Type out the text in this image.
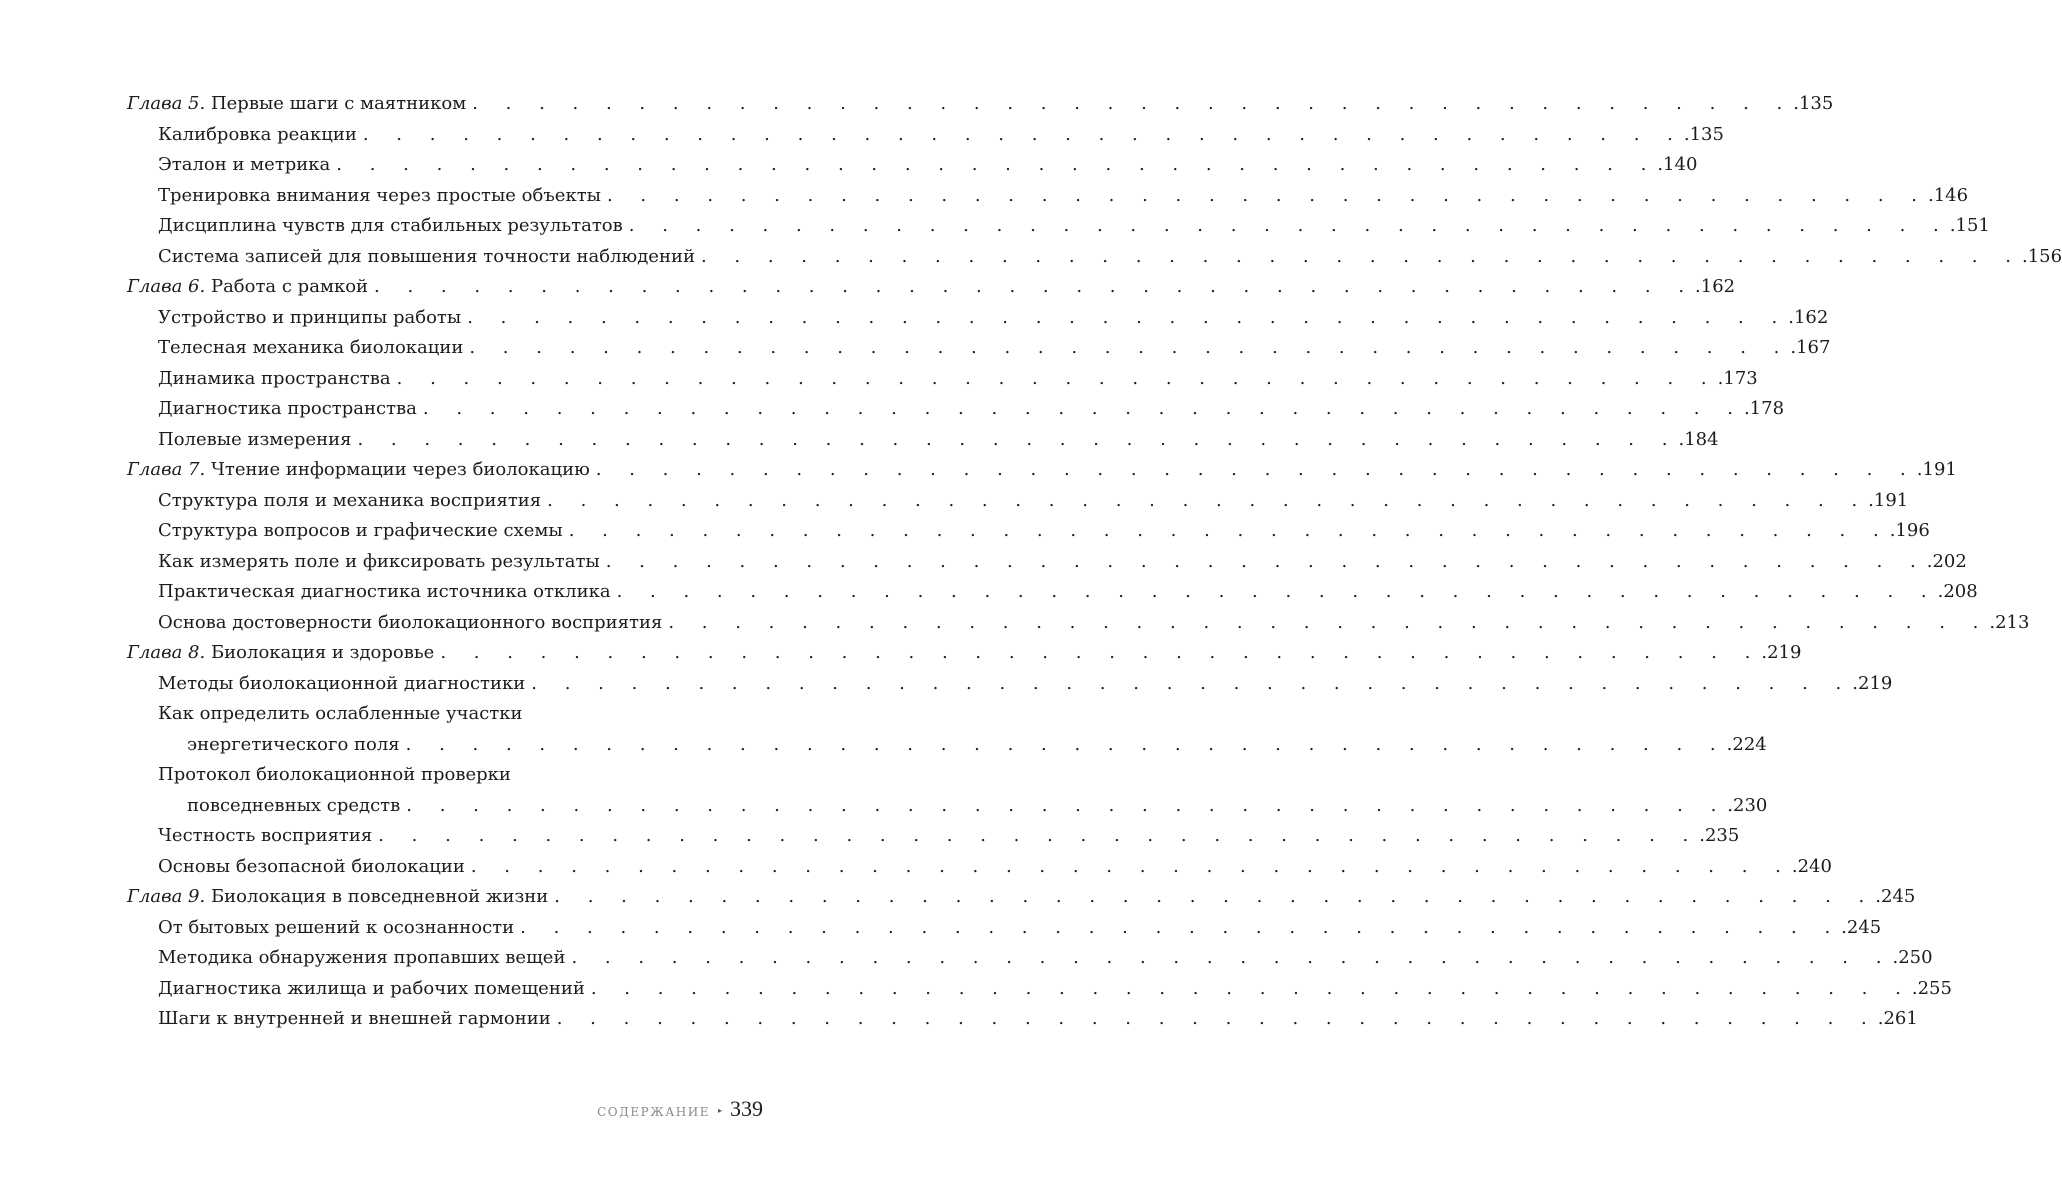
Глава 5. Первые шаги с маятником . . . . . . . . . . . . . . . . . . . . . . . . . . . . . . . . . . . . . . . . .135
Калибровка реакции . . . . . . . . . . . . . . . . . . . . . . . . . . . . . . . . . . . . . . . . .135
Эталон и метрика . . . . . . . . . . . . . . . . . . . . . . . . . . . . . . . . . . . . . . . . .140
Тренировка внимания через простые объекты . . . . . . . . . . . . . . . . . . . . . . . . . . . . . . . . . . . . . . . . .146
Дисциплина чувств для стабильных результатов . . . . . . . . . . . . . . . . . . . . . . . . . . . . . . . . . . . . . . . . .151
Система записей для повышения точности наблюдений . . . . . . . . . . . . . . . . . . . . . . . . . . . . . . . . . . . . . . . . .156
Глава 6. Работа с рамкой . . . . . . . . . . . . . . . . . . . . . . . . . . . . . . . . . . . . . . . . .162
Устройство и принципы работы . . . . . . . . . . . . . . . . . . . . . . . . . . . . . . . . . . . . . . . . .162
Телесная механика биолокации . . . . . . . . . . . . . . . . . . . . . . . . . . . . . . . . . . . . . . . . .167
Динамика пространства . . . . . . . . . . . . . . . . . . . . . . . . . . . . . . . . . . . . . . . . .173
Диагностика пространства . . . . . . . . . . . . . . . . . . . . . . . . . . . . . . . . . . . . . . . . .178
Полевые измерения . . . . . . . . . . . . . . . . . . . . . . . . . . . . . . . . . . . . . . . . .184
Глава 7. Чтение информации через биолокацию . . . . . . . . . . . . . . . . . . . . . . . . . . . . . . . . . . . . . . . . .191
Структура поля и механика восприятия . . . . . . . . . . . . . . . . . . . . . . . . . . . . . . . . . . . . . . . . .191
Структура вопросов и графические схемы . . . . . . . . . . . . . . . . . . . . . . . . . . . . . . . . . . . . . . . . .196
Как измерять поле и фиксировать результаты . . . . . . . . . . . . . . . . . . . . . . . . . . . . . . . . . . . . . . . . .202
Практическая диагностика источника отклика . . . . . . . . . . . . . . . . . . . . . . . . . . . . . . . . . . . . . . . . .208
Основа достоверности биолокационного восприятия . . . . . . . . . . . . . . . . . . . . . . . . . . . . . . . . . . . . . . . . .213
Глава 8. Биолокация и здоровье . . . . . . . . . . . . . . . . . . . . . . . . . . . . . . . . . . . . . . . . .219
Методы биолокационной диагностики . . . . . . . . . . . . . . . . . . . . . . . . . . . . . . . . . . . . . . . . .219
Как определить ослабленные участки
энергетического поля . . . . . . . . . . . . . . . . . . . . . . . . . . . . . . . . . . . . . . . . .224
Протокол биолокационной проверки
повседневных средств . . . . . . . . . . . . . . . . . . . . . . . . . . . . . . . . . . . . . . . . .230
Честность восприятия . . . . . . . . . . . . . . . . . . . . . . . . . . . . . . . . . . . . . . . . .235
Основы безопасной биолокации . . . . . . . . . . . . . . . . . . . . . . . . . . . . . . . . . . . . . . . . .240
Глава 9. Биолокация в повседневной жизни . . . . . . . . . . . . . . . . . . . . . . . . . . . . . . . . . . . . . . . . .245
От бытовых решений к осознанности . . . . . . . . . . . . . . . . . . . . . . . . . . . . . . . . . . . . . . . . .245
Методика обнаружения пропавших вещей . . . . . . . . . . . . . . . . . . . . . . . . . . . . . . . . . . . . . . . . .250
Диагностика жилища и рабочих помещений . . . . . . . . . . . . . . . . . . . . . . . . . . . . . . . . . . . . . . . . .255
Шаги к внутренней и внешней гармонии . . . . . . . . . . . . . . . . . . . . . . . . . . . . . . . . . . . . . . . . .261
СОДЕРЖАНИЕ ▸ 339
